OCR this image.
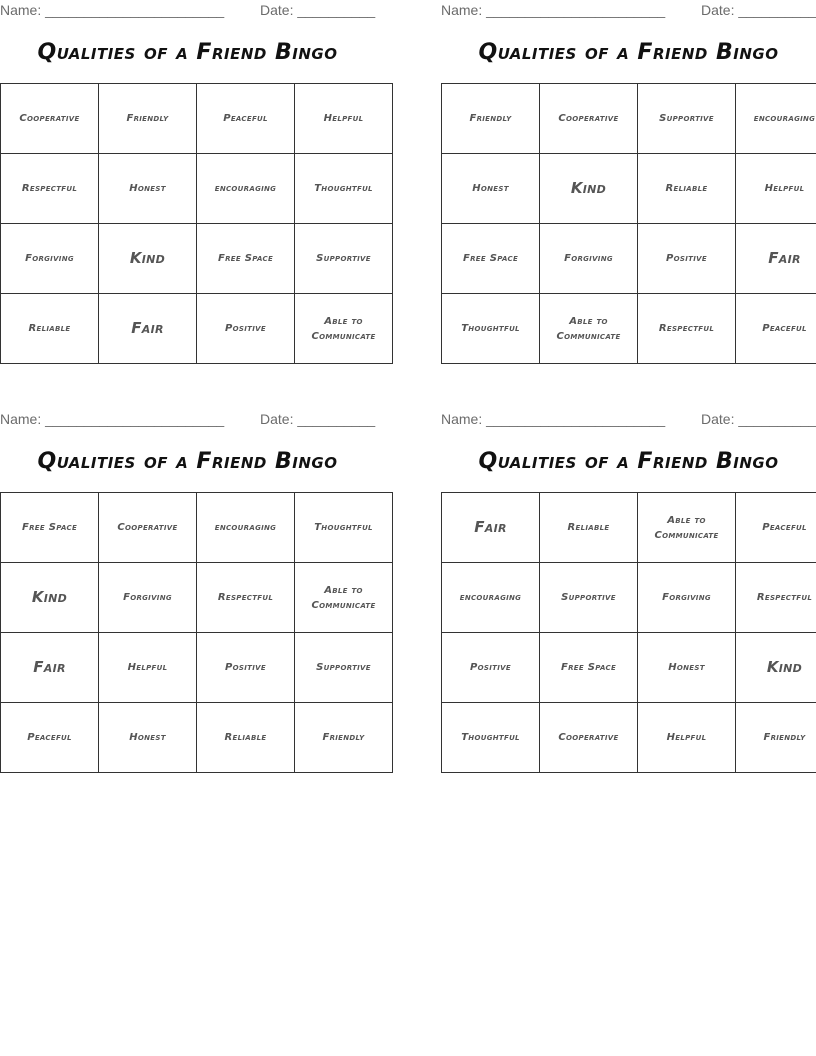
Name: _______________________	Date: __________
Qualities of a Friend Bingo
Cooperative	Friendly	Peaceful	Helpful
Respectful	Honest	encouraging	Thoughtful
Forgiving	Kind	Free Space	Supportive
Reliable	Fair	Positive	Able to Communicate
Name: _______________________	Date: __________
Qualities of a Friend Bingo
Friendly	Cooperative	Supportive	encouraging
Honest	Kind	Reliable	Helpful
Free Space	Forgiving	Positive	Fair
Thoughtful	Able to Communicate	Respectful	Peaceful
Name: _______________________	Date: __________
Qualities of a Friend Bingo
Free Space	Cooperative	encouraging	Thoughtful
Kind	Forgiving	Respectful	Able to Communicate
Fair	Helpful	Positive	Supportive
Peaceful	Honest	Reliable	Friendly
Name: _______________________	Date: __________
Qualities of a Friend Bingo
Fair	Reliable	Able to Communicate	Peaceful
encouraging	Supportive	Forgiving	Respectful
Positive	Free Space	Honest	Kind
Thoughtful	Cooperative	Helpful	Friendly
